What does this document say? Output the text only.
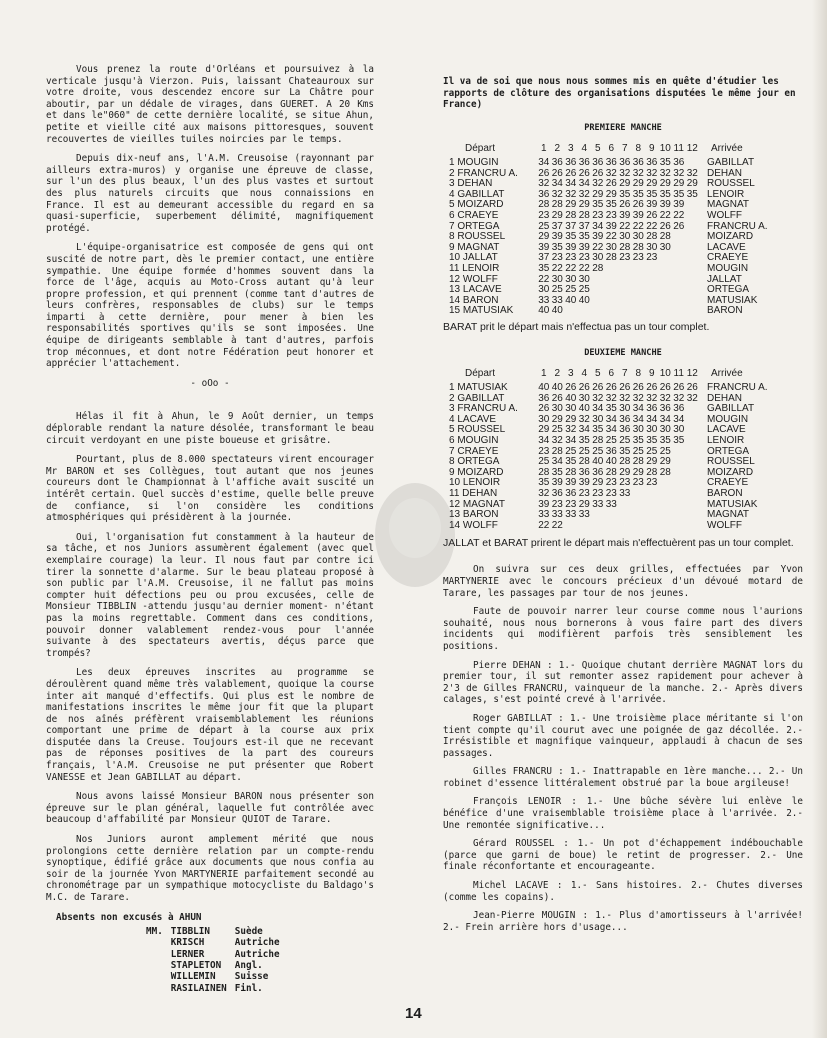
Vous prenez la route d'Orléans et poursuivez à la verticale jusqu'à Vierzon. Puis, laissant Chateauroux sur votre droite, vous descendez encore sur La Châtre pour aboutir, par un dédale de virages, dans GUERET. A 20 Kms et dans le"060" de cette dernière localité, se situe Ahun, petite et vieille cité aux maisons pittoresques, souvent recouvertes de vieilles tuiles noircies par le temps.

Depuis dix-neuf ans, l'A.M. Creusoise (rayonnant par ailleurs extra-muros) y organise une épreuve de classe, sur l'un des plus beaux, l'un des plus vastes et surtout des plus naturels circuits que nous connaissions en France. Il est au demeurant accessible du regard en sa quasi-superficie, superbement délimité, magnifiquement protégé.

L'équipe-organisatrice est composée de gens qui ont suscité de notre part, dès le premier contact, une entière sympathie. Une équipe formée d'hommes souvent dans la force de l'âge, acquis au Moto-Cross autant qu'à leur propre profession, et qui prennent (comme tant d'autres de leurs confrères, responsables de clubs) sur le temps imparti à cette dernière, pour mener à bien les responsabilités sportives qu'ils se sont imposées. Une équipe de dirigeants semblable à tant d'autres, parfois trop méconnues, et dont notre Fédération peut honorer et apprécier l'attachement.

- oOo -

Hélas il fit à Ahun, le 9 Août dernier, un temps déplorable rendant la nature désolée, transformant le beau circuit verdoyant en une piste boueuse et grisâtre.

Pourtant, plus de 8.000 spectateurs virent encourager Mr BARON et ses Collègues, tout autant que nos jeunes coureurs dont le Championnat à l'affiche avait suscité un intérêt certain. Quel succès d'estime, quelle belle preuve de confiance, si l'on considère les conditions atmosphériques qui présidèrent à la journée.

Oui, l'organisation fut constamment à la hauteur de sa tâche, et nos Juniors assumèrent également (avec quel exemplaire courage) la leur. Il nous faut par contre ici tirer la sonnette d'alarme. Sur le beau plateau proposé à son public par l'A.M. Creusoise, il ne fallut pas moins compter huit défections peu ou prou excusées, celle de Monsieur TIBBLIN -attendu jusqu'au dernier moment- n'étant pas la moins regrettable. Comment dans ces conditions, pouvoir donner valablement rendez-vous pour l'année suivante à des spectateurs avertis, déçus parce que trompés?

Les deux épreuves inscrites au programme se déroulèrent quand même très valablement, quoique la course inter ait manqué d'effectifs. Qui plus est le nombre de manifestations inscrites le même jour fit que la plupart de nos aînés préfèrent vraisemblablement les réunions comportant une prime de départ à la course aux prix disputée dans la Creuse. Toujours est-il que ne recevant pas de réponses positives de la part des coureurs français, l'A.M. Creusoise ne put présenter que Robert VANESSE et Jean GABILLAT au départ.

Nous avons laissé Monsieur BARON nous présenter son épreuve sur le plan général, laquelle fut contrôlée avec beaucoup d'affabilité par Monsieur QUIOT de Tarare.

Nos Juniors auront amplement mérité que nous prolongions cette dernière relation par un compte-rendu synoptique, édifié grâce aux documents que nous confia au soir de la journée Yvon MARTYNERIE parfaitement secondé au chronométrage par un sympathique motocycliste du Baldago's M.C. de Tarare.

Absents non excusés à AHUN
MM.	TIBBLIN	Suède
	KRISCH	Autriche
	LERNER	Autriche
	STAPLETON	Angl.
	WILLEMIN	Suisse
	RASILAINEN	Finl.
Il va de soi que nous nous sommes mis en quête d'étudier les rapports de clôture des organisations disputées le même jour en France)
PREMIERE MANCHE
Départ	1	2	3	4	5	6	7	8	9	10	11	12	Arrivée
1 MOUGIN	34	36	36	36	36	36	36	36	36	35	36		GABILLAT
2 FRANCRU A.	26	26	26	26	26	32	32	32	32	32	32	32	DEHAN
3 DEHAN	32	34	34	34	32	26	29	29	29	29	29	29	ROUSSEL
4 GABILLAT	36	32	32	32	29	29	35	35	35	35	35	35	LENOIR
5 MOIZARD	28	28	29	29	35	35	26	26	39	39	39		MAGNAT
6 CRAEYE	23	29	28	28	23	23	39	39	26	22	22		WOLFF
7 ORTEGA	25	37	37	37	34	39	22	22	22	26	26		FRANCRU A.
8 ROUSSEL	29	39	35	35	39	22	30	30	28	28			MOIZARD
9 MAGNAT	39	35	39	39	22	30	28	28	30	30			LACAVE
10 JALLAT	37	23	23	23	30	28	23	23	23				CRAEYE
11 LENOIR	35	22	22	22	28								MOUGIN
12 WOLFF	22	30	30	30									JALLAT
13 LACAVE	30	25	25	25									ORTEGA
14 BARON	33	33	40	40									MATUSIAK
15 MATUSIAK	40	40											BARON
BARAT prit le départ mais n'effectua pas un tour complet.
DEUXIEME MANCHE
Départ	1	2	3	4	5	6	7	8	9	10	11	12	Arrivée
1 MATUSIAK	40	40	26	26	26	26	26	26	26	26	26	26	FRANCRU A.
2 GABILLAT	36	26	40	30	32	32	32	32	32	32	32	32	DEHAN
3 FRANCRU A.	26	30	30	40	34	35	30	34	36	36	36		GABILLAT
4 LACAVE	30	29	29	32	30	34	36	34	34	34	34		MOUGIN
5 ROUSSEL	29	25	32	34	35	34	36	30	30	30	30		LACAVE
6 MOUGIN	34	32	34	35	28	25	25	35	35	35	35		LENOIR
7 CRAEYE	23	28	25	25	25	36	35	25	25	25			ORTEGA
8 ORTEGA	25	34	35	28	40	40	28	28	29	29			ROUSSEL
9 MOIZARD	28	35	28	36	36	28	29	29	28	28			MOIZARD
10 LENOIR	35	39	39	39	29	23	23	23	23				CRAEYE
11 DEHAN	32	36	36	23	23	23	33						BARON
12 MAGNAT	39	23	23	29	33	33							MATUSIAK
13 BARON	33	33	33	33									MAGNAT
14 WOLFF	22	22											WOLFF
JALLAT et BARAT prirent le départ mais n'effectuèrent pas un tour complet.

On suivra sur ces deux grilles, effectuées par Yvon MARTYNERIE avec le concours précieux d'un dévoué motard de Tarare, les passages par tour de nos jeunes.

Faute de pouvoir narrer leur course comme nous l'aurions souhaité, nous nous bornerons à vous faire part des divers incidents qui modifièrent parfois très sensiblement les positions.

Pierre DEHAN : 1.- Quoique chutant derrière MAGNAT lors du premier tour, il sut remonter assez rapidement pour achever à 2'3 de Gilles FRANCRU, vainqueur de la manche. 2.- Après divers calages, s'est pointé crevé à l'arrivée.

Roger GABILLAT : 1.- Une troisième place méritante si l'on tient compte qu'il courut avec une poignée de gaz décollée. 2.- Irrésistible et magnifique vainqueur, applaudi à chacun de ses passages.

Gilles FRANCRU : 1.- Inattrapable en 1ère manche... 2.- Un robinet d'essence littéralement obstrué par la boue argileuse!

François LENOIR : 1.- Une bûche sévère lui enlève le bénéfice d'une vraisemblable troisième place à l'arrivée. 2.- Une remontée significative...

Gérard ROUSSEL : 1.- Un pot d'échappement indébouchable (parce que garni de boue) le retint de progresser. 2.- Une finale réconfortante et encourageante.

Michel LACAVE : 1.- Sans histoires. 2.- Chutes diverses (comme les copains).

Jean-Pierre MOUGIN : 1.- Plus d'amortisseurs à l'arrivée! 2.- Frein arrière hors d'usage...

14
